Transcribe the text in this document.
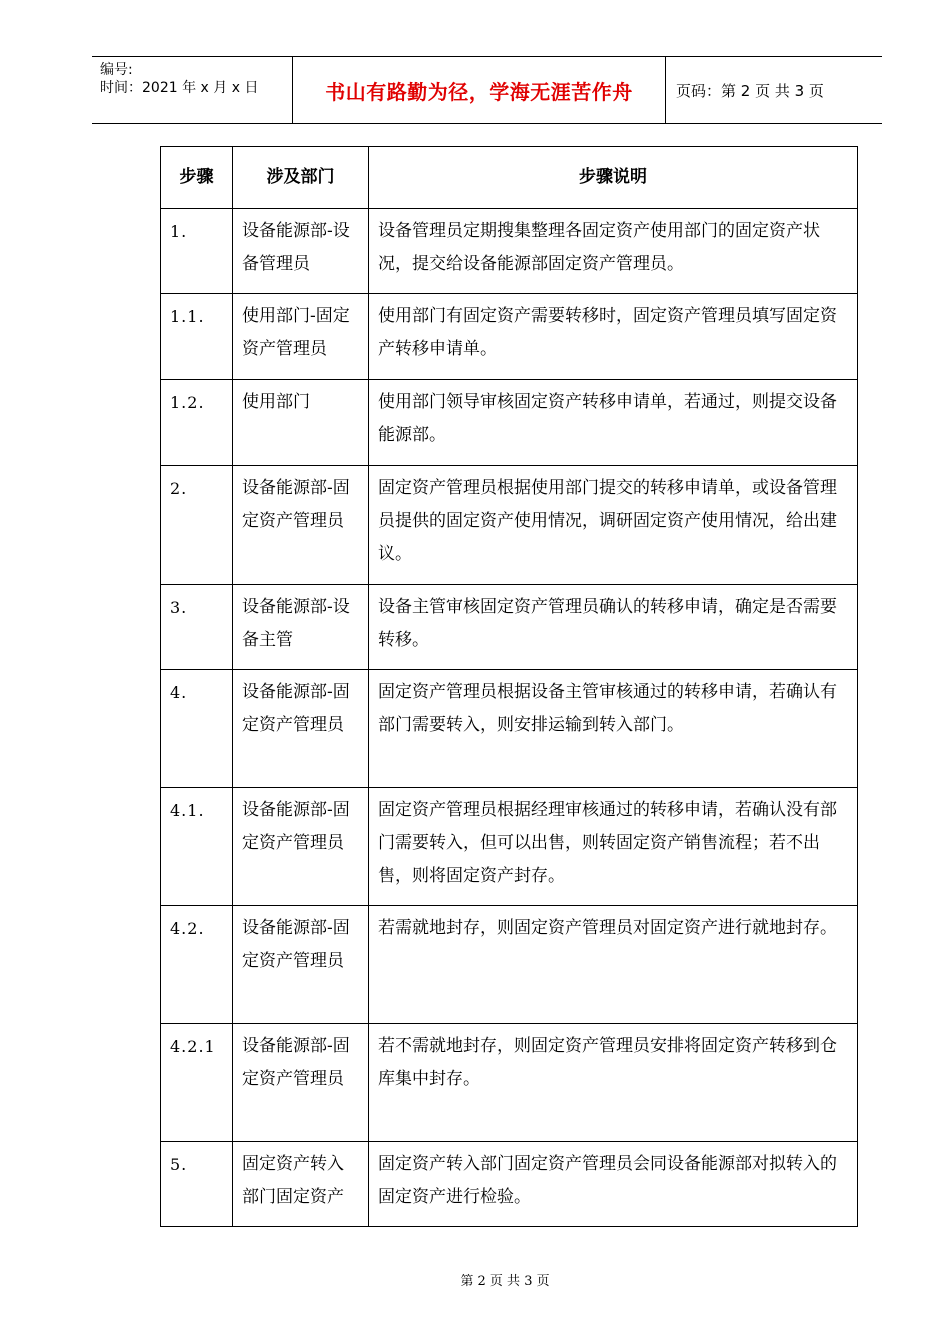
编号:
时间：2021 年 x 月 x 日	书山有路勤为径，学海无涯苦作舟	页码：第 2 页 共 3 页
步骤	涉及部门	步骤说明
1.	设备能源部-设备管理员	设备管理员定期搜集整理各固定资产使用部门的固定资产状况，提交给设备能源部固定资产管理员。
1.1.	使用部门-固定资产管理员	使用部门有固定资产需要转移时，固定资产管理员填写固定资产转移申请单。
1.2.	使用部门	使用部门领导审核固定资产转移申请单，若通过，则提交设备能源部。
2.	设备能源部-固定资产管理员	固定资产管理员根据使用部门提交的转移申请单，或设备管理员提供的固定资产使用情况，调研固定资产使用情况，给出建议。
3.	设备能源部-设备主管	设备主管审核固定资产管理员确认的转移申请，确定是否需要转移。
4.	设备能源部-固定资产管理员	固定资产管理员根据设备主管审核通过的转移申请，若确认有部门需要转入，则安排运输到转入部门。
4.1.	设备能源部-固定资产管理员	固定资产管理员根据经理审核通过的转移申请，若确认没有部门需要转入，但可以出售，则转固定资产销售流程；若不出售，则将固定资产封存。
4.2.	设备能源部-固定资产管理员	若需就地封存，则固定资产管理员对固定资产进行就地封存。
4.2.1	设备能源部-固定资产管理员	若不需就地封存，则固定资产管理员安排将固定资产转移到仓库集中封存。
5.	固定资产转入部门固定资产	固定资产转入部门固定资产管理员会同设备能源部对拟转入的固定资产进行检验。
第 2 页 共 3 页
